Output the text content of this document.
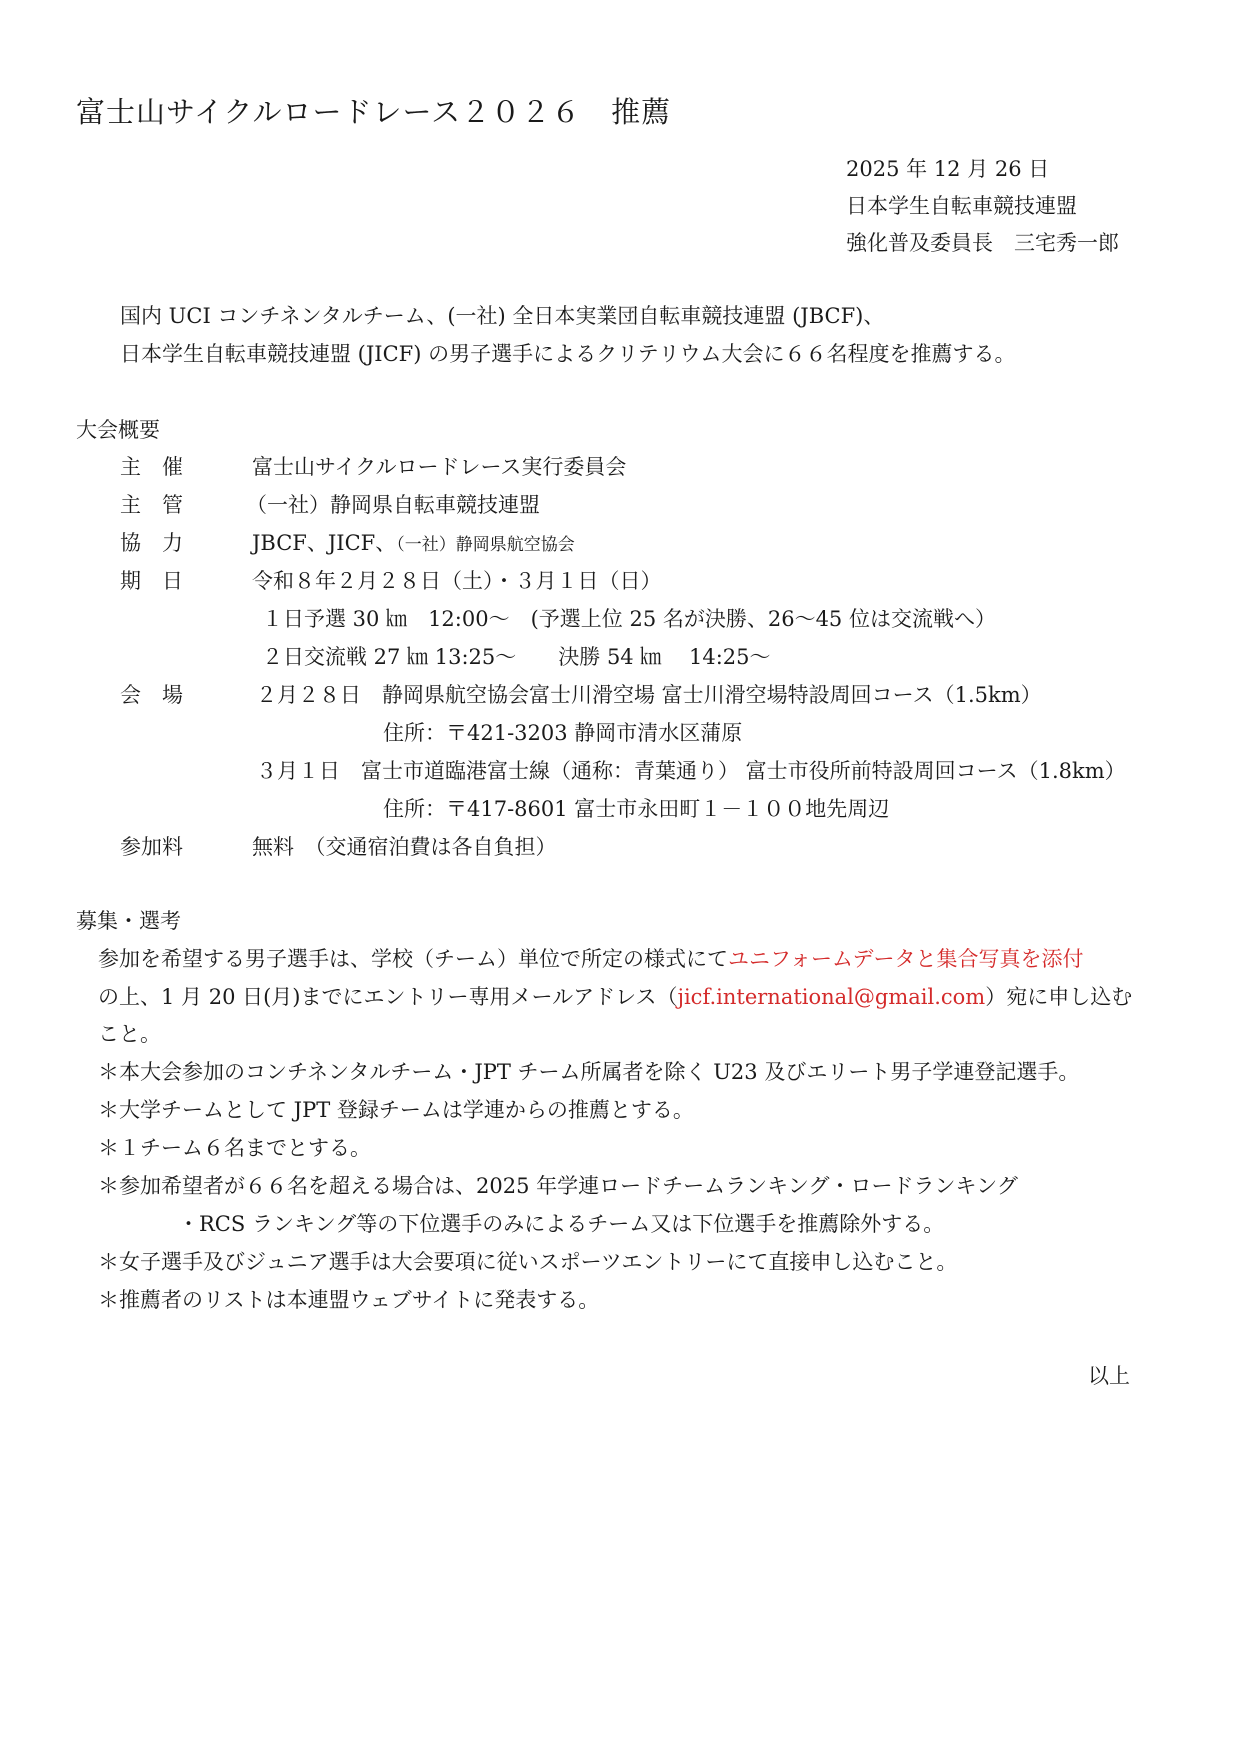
富士山サイクルロードレース２０２６　推薦
2025 年 12 月 26 日
日本学生自転車競技連盟
強化普及委員長　三宅秀一郎
国内 UCI コンチネンタルチーム、(一社) 全日本実業団自転車競技連盟 (JBCF)、
日本学生自転車競技連盟 (JICF) の男子選手によるクリテリウム大会に６６名程度を推薦する。
大会概要
主　催	富士山サイクルロードレース実行委員会
主　管	（一社）静岡県自転車競技連盟
協　力	JBCF、JICF、（一社）静岡県航空協会
期　日	令和８年２月２８日（土）・３月１日（日）
１日予選 30 ㎞　12:00～　(予選上位 25 名が決勝、26～45 位は交流戦へ）
２日交流戦 27 ㎞ 13:25～　　決勝 54 ㎞　 14:25～
会　場	２月２８日　静岡県航空協会富士川滑空場 富士川滑空場特設周回コース（1.5km）
住所：〒421-3203 静岡市清水区蒲原
３月１日　富士市道臨港富士線（通称：青葉通り） 富士市役所前特設周回コース（1.8km）
住所：〒417-8601 富士市永田町１－１００地先周辺
参加料	無料　（交通宿泊費は各自負担）
募集・選考
参加を希望する男子選手は、学校（チーム）単位で所定の様式にてユニフォームデータと集合写真を添付
の上、1 月 20 日(月)までにエントリー専用メールアドレス（jicf.international@gmail.com）宛に申し込む
こと。
＊本大会参加のコンチネンタルチーム・JPT チーム所属者を除く U23 及びエリート男子学連登記選手。
＊大学チームとして JPT 登録チームは学連からの推薦とする。
＊１チーム６名までとする。
＊参加希望者が６６名を超える場合は、2025 年学連ロードチームランキング・ロードランキング
・RCS ランキング等の下位選手のみによるチーム又は下位選手を推薦除外する。
＊女子選手及びジュニア選手は大会要項に従いスポーツエントリーにて直接申し込むこと。
＊推薦者のリストは本連盟ウェブサイトに発表する。
以上
